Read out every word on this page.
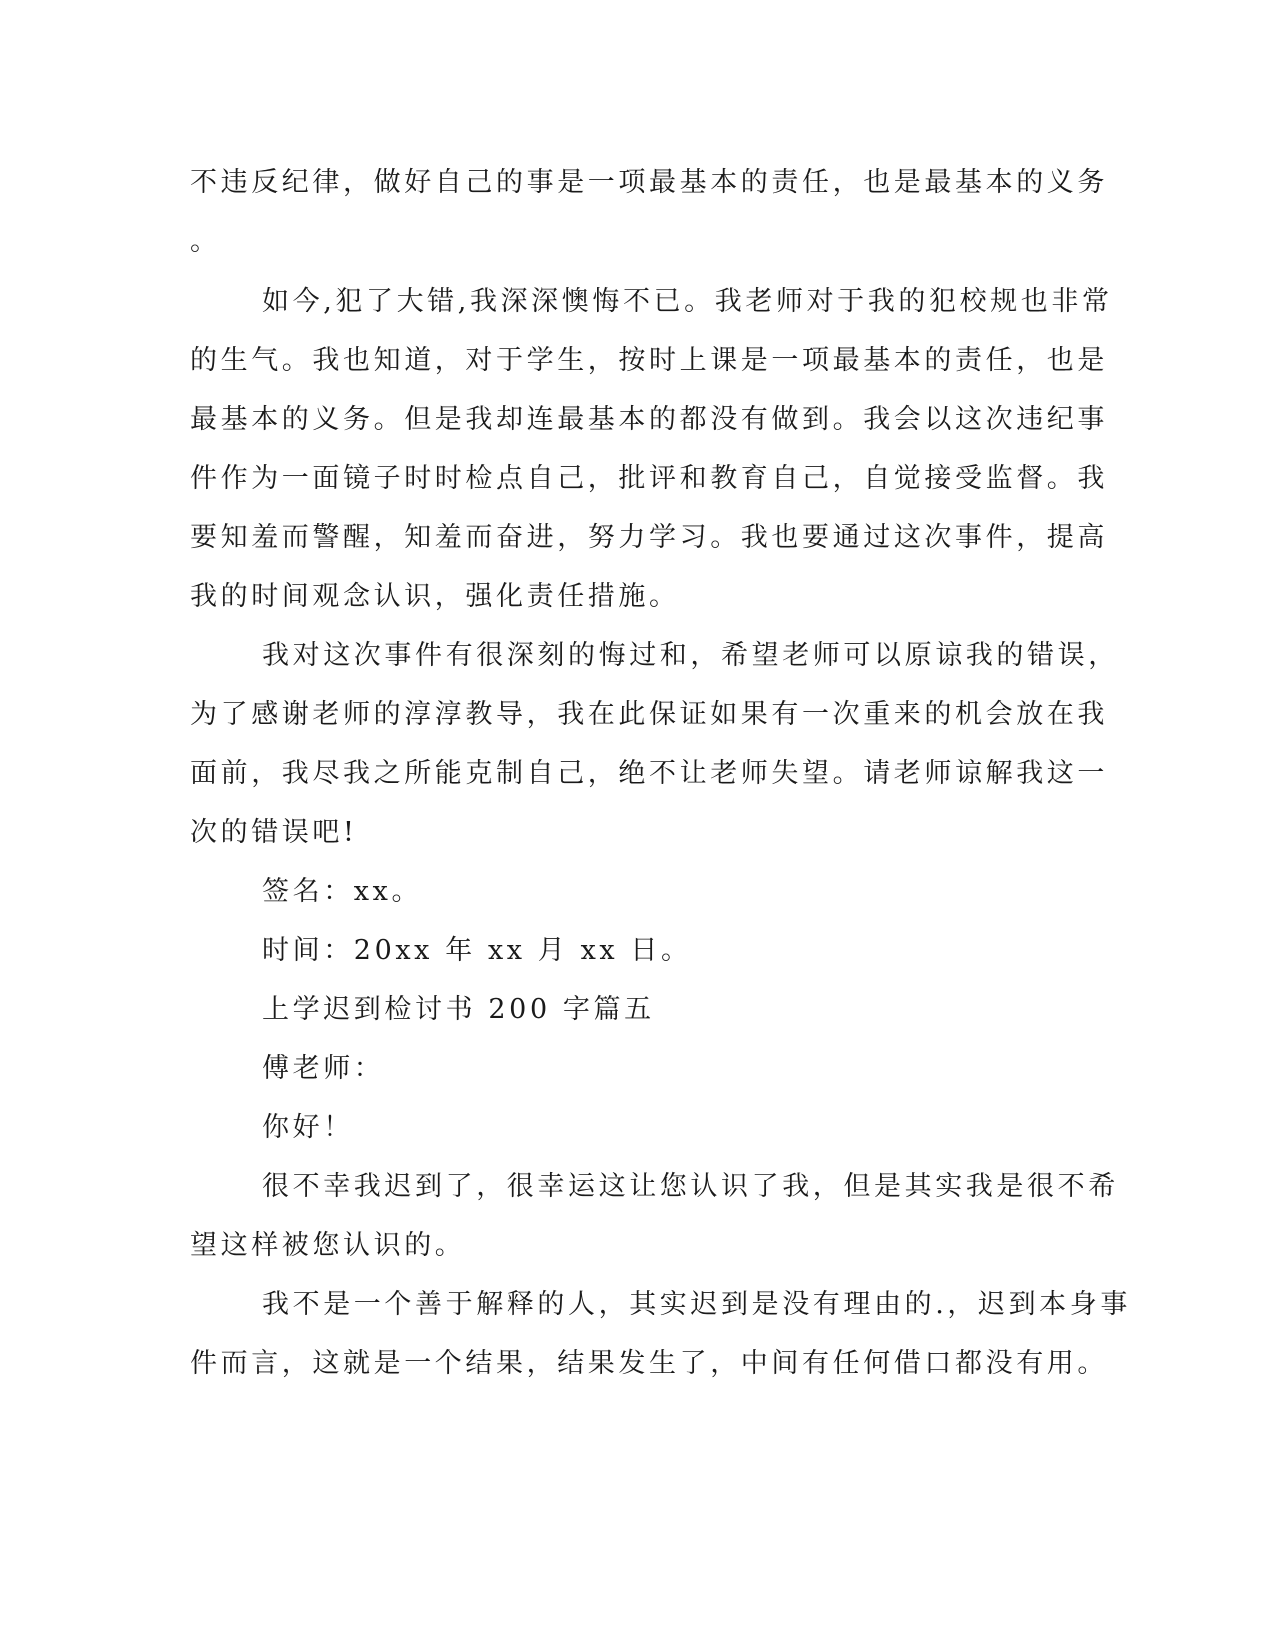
不违反纪律，做好自己的事是一项最基本的责任，也是最基本的义务
。
如今,犯了大错,我深深懊悔不已。我老师对于我的犯校规也非常
的生气。我也知道，对于学生，按时上课是一项最基本的责任，也是
最基本的义务。但是我却连最基本的都没有做到。我会以这次违纪事
件作为一面镜子时时检点自己，批评和教育自己，自觉接受监督。我
要知羞而警醒，知羞而奋进，努力学习。我也要通过这次事件，提高
我的时间观念认识，强化责任措施。
我对这次事件有很深刻的悔过和，希望老师可以原谅我的错误，
为了感谢老师的淳淳教导，我在此保证如果有一次重来的机会放在我
面前，我尽我之所能克制自己，绝不让老师失望。请老师谅解我这一
次的错误吧!
签名：xx。
时间：20xx 年 xx 月 xx 日。
上学迟到检讨书 200 字篇五
傅老师：
你好！
很不幸我迟到了，很幸运这让您认识了我，但是其实我是很不希
望这样被您认识的。
我不是一个善于解释的人，其实迟到是没有理由的.，迟到本身事
件而言，这就是一个结果，结果发生了，中间有任何借口都没有用。
